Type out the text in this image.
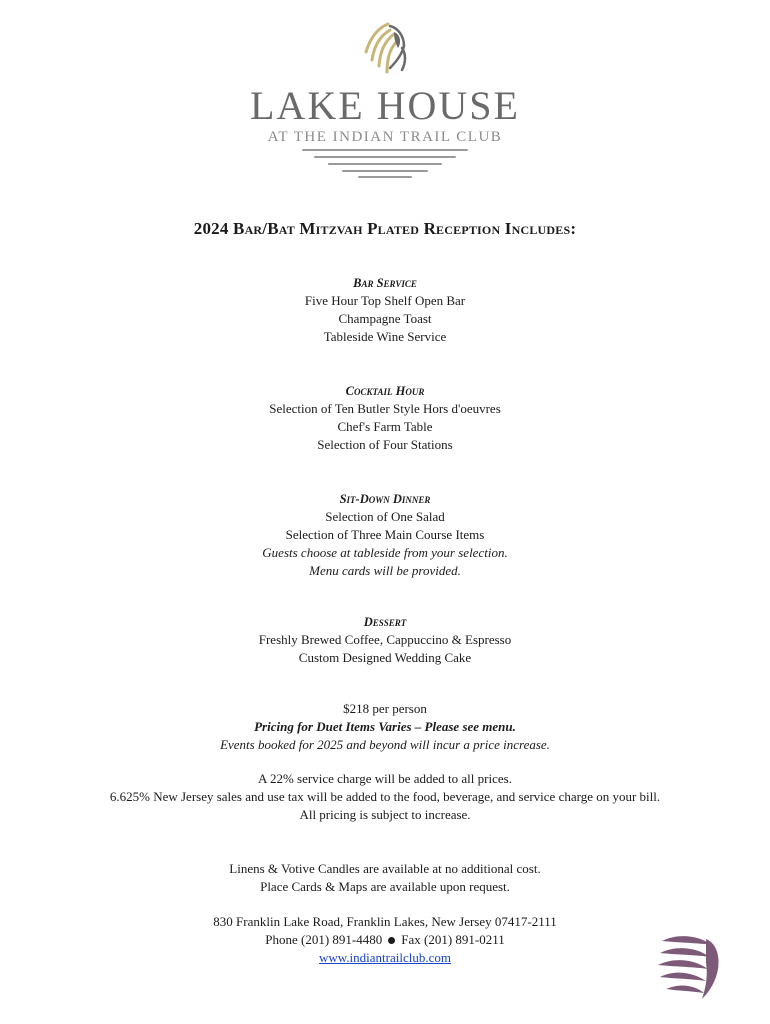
LAKE HOUSE
AT THE INDIAN TRAIL CLUB
2024 Bar/Bat Mitzvah Plated Reception Includes:
Bar Service
Five Hour Top Shelf Open Bar
Champagne Toast
Tableside Wine Service
Cocktail Hour
Selection of Ten Butler Style Hors d'oeuvres
Chef's Farm Table
Selection of Four Stations
Sit-Down Dinner
Selection of One Salad
Selection of Three Main Course Items
Guests choose at tableside from your selection.
Menu cards will be provided.
Dessert
Freshly Brewed Coffee, Cappuccino & Espresso
Custom Designed Wedding Cake
$218 per person
Pricing for Duet Items Varies – Please see menu.
Events booked for 2025 and beyond will incur a price increase.
A 22% service charge will be added to all prices.
6.625% New Jersey sales and use tax will be added to the food, beverage, and service charge on your bill.
All pricing is subject to increase.
Linens & Votive Candles are available at no additional cost.
Place Cards & Maps are available upon request.
830 Franklin Lake Road, Franklin Lakes, New Jersey 07417-2111
Phone (201) 891-4480 Fax (201) 891-0211
www.indiantrailclub.com
